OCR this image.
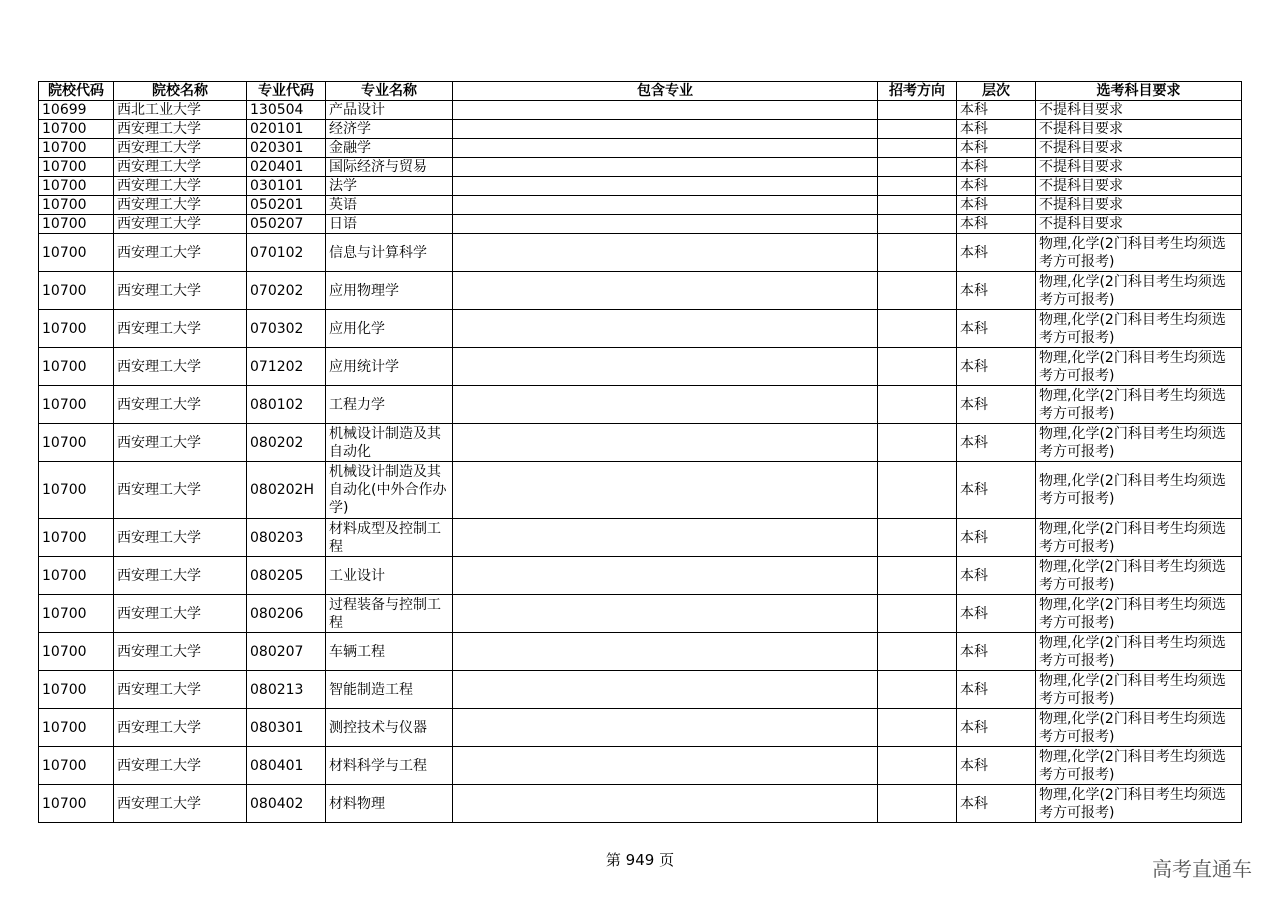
院校代码	院校名称	专业代码	专业名称	包含专业	招考方向	层次	选考科目要求
10699	西北工业大学	130504	产品设计			本科	不提科目要求
10700	西安理工大学	020101	经济学			本科	不提科目要求
10700	西安理工大学	020301	金融学			本科	不提科目要求
10700	西安理工大学	020401	国际经济与贸易			本科	不提科目要求
10700	西安理工大学	030101	法学			本科	不提科目要求
10700	西安理工大学	050201	英语			本科	不提科目要求
10700	西安理工大学	050207	日语			本科	不提科目要求
10700	西安理工大学	070102	信息与计算科学			本科	物理,化学(2门科目考生均须选考方可报考)
10700	西安理工大学	070202	应用物理学			本科	物理,化学(2门科目考生均须选考方可报考)
10700	西安理工大学	070302	应用化学			本科	物理,化学(2门科目考生均须选考方可报考)
10700	西安理工大学	071202	应用统计学			本科	物理,化学(2门科目考生均须选考方可报考)
10700	西安理工大学	080102	工程力学			本科	物理,化学(2门科目考生均须选考方可报考)
10700	西安理工大学	080202	机械设计制造及其自动化			本科	物理,化学(2门科目考生均须选考方可报考)
10700	西安理工大学	080202H	机械设计制造及其自动化(中外合作办学)			本科	物理,化学(2门科目考生均须选考方可报考)
10700	西安理工大学	080203	材料成型及控制工程			本科	物理,化学(2门科目考生均须选考方可报考)
10700	西安理工大学	080205	工业设计			本科	物理,化学(2门科目考生均须选考方可报考)
10700	西安理工大学	080206	过程装备与控制工程			本科	物理,化学(2门科目考生均须选考方可报考)
10700	西安理工大学	080207	车辆工程			本科	物理,化学(2门科目考生均须选考方可报考)
10700	西安理工大学	080213	智能制造工程			本科	物理,化学(2门科目考生均须选考方可报考)
10700	西安理工大学	080301	测控技术与仪器			本科	物理,化学(2门科目考生均须选考方可报考)
10700	西安理工大学	080401	材料科学与工程			本科	物理,化学(2门科目考生均须选考方可报考)
10700	西安理工大学	080402	材料物理			本科	物理,化学(2门科目考生均须选考方可报考)
第 949 页	高考直通车
